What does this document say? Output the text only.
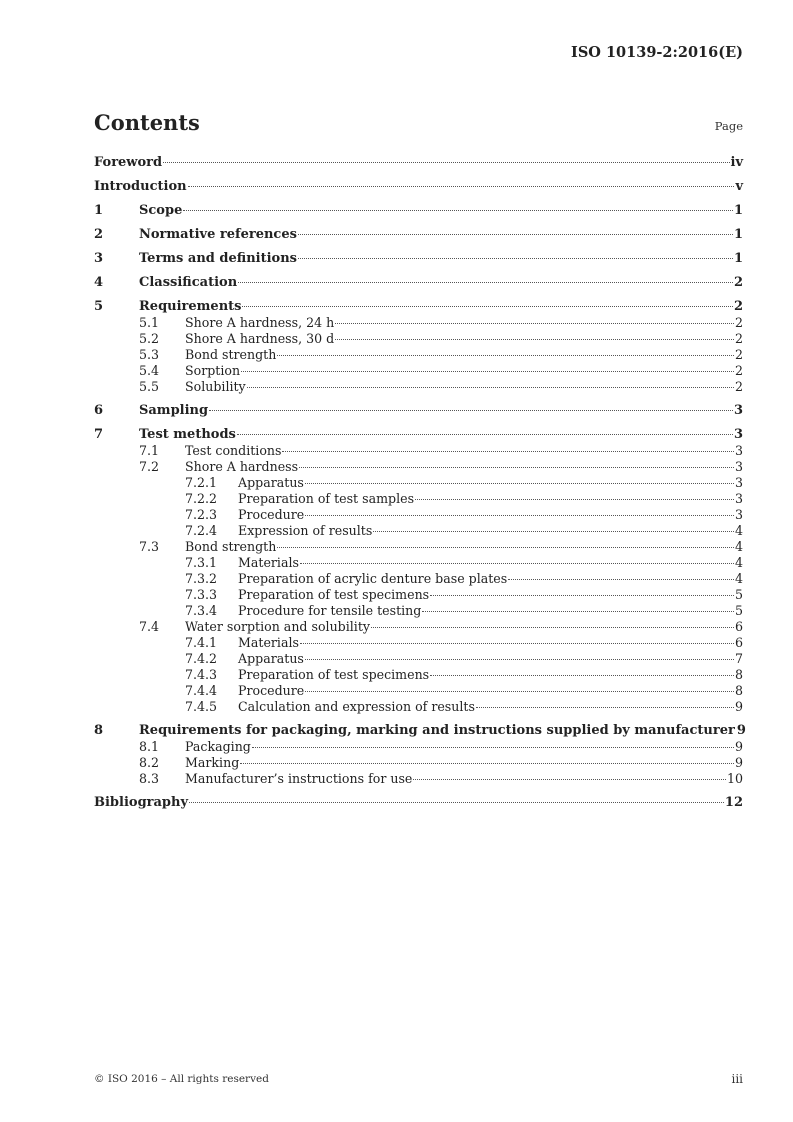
ISO 10139-2:2016(E)
Contents	Page
Foreword	iv
Introduction	v
1	Scope	1
2	Normative references	1
3	Terms and definitions	1
4	Classification	2
5	Requirements	2
5.1	Shore A hardness, 24 h	2
5.2	Shore A hardness, 30 d	2
5.3	Bond strength	2
5.4	Sorption	2
5.5	Solubility	2
6	Sampling	3
7	Test methods	3
7.1	Test conditions	3
7.2	Shore A hardness	3
7.2.1	Apparatus	3
7.2.2	Preparation of test samples	3
7.2.3	Procedure	3
7.2.4	Expression of results	4
7.3	Bond strength	4
7.3.1	Materials	4
7.3.2	Preparation of acrylic denture base plates	4
7.3.3	Preparation of test specimens	5
7.3.4	Procedure for tensile testing	5
7.4	Water sorption and solubility	6
7.4.1	Materials	6
7.4.2	Apparatus	7
7.4.3	Preparation of test specimens	8
7.4.4	Procedure	8
7.4.5	Calculation and expression of results	9
8	Requirements for packaging, marking and instructions supplied by manufacturer 9
8.1	Packaging	9
8.2	Marking	9
8.3	Manufacturer’s instructions for use	10
Bibliography	12
© ISO 2016 – All rights reserved	iii
